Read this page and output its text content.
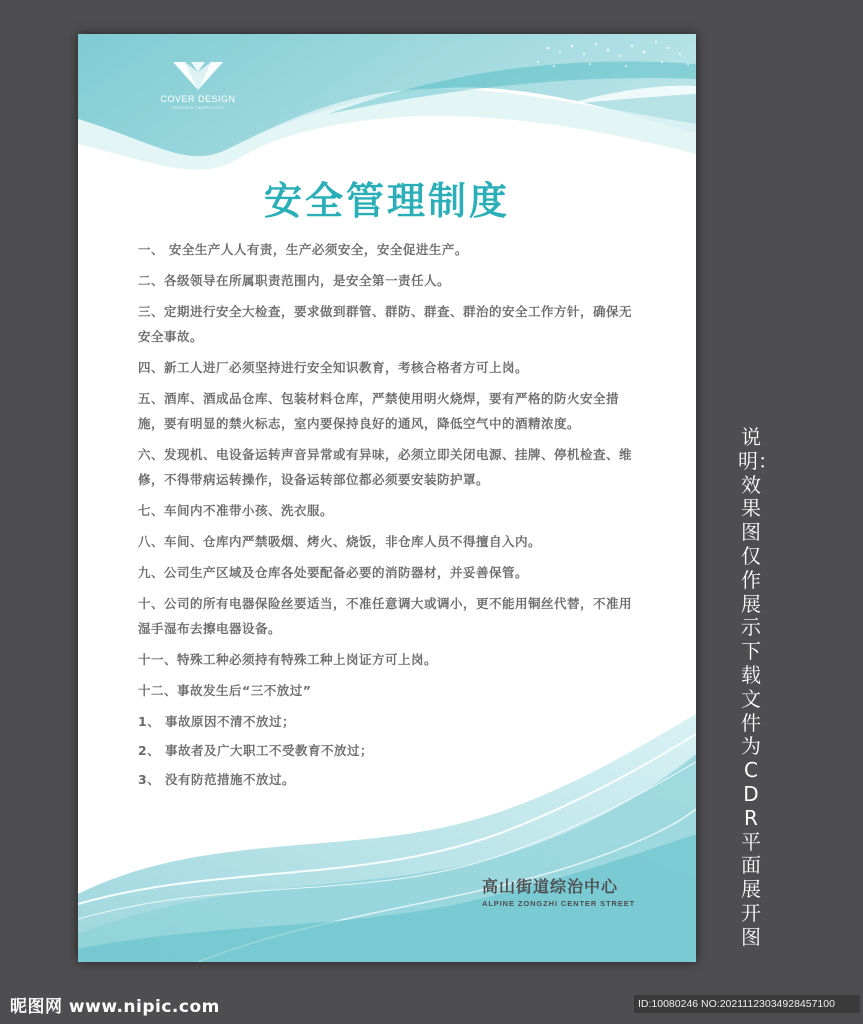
COVER DESIGN
2020NEW TEMPLATES
安全管理制度
一、 安全生产人人有责，生产必须安全，安全促进生产。
二、各级领导在所属职责范围内，是安全第一责任人。
三、定期进行安全大检查，要求做到群管、群防、群查、群治的安全工作方针，确保无安全事故。
四、新工人进厂必须坚持进行安全知识教育，考核合格者方可上岗。
五、酒库、酒成品仓库、包装材料仓库，严禁使用明火烧焊，要有严格的防火安全措施，要有明显的禁火标志，室内要保持良好的通风，降低空气中的酒精浓度。
六、发现机、电设备运转声音异常或有异味，必须立即关闭电源、挂牌、停机检查、维修，不得带病运转操作，设备运转部位都必须要安装防护罩。
七、车间内不准带小孩、洗衣服。
八、车间、仓库内严禁吸烟、烤火、烧饭，非仓库人员不得擅自入内。
九、公司生产区域及仓库各处要配备必要的消防器材，并妥善保管。
十、公司的所有电器保险丝要适当，不准任意调大或调小，更不能用铜丝代替，不准用湿手湿布去擦电器设备。
十一、特殊工种必须持有特殊工种上岗证方可上岗。
十二、事故发生后“三不放过”
1、 事故原因不清不放过；
2、 事故者及广大职工不受教育不放过；
3、 没有防范措施不放过。
高山街道综治中心
ALPINE ZONGZHI CENTER STREET
说明：效果图仅作展示 下载文件为CDR平面展开图
昵图网 www.nipic.com	ID:10080246 NO:20211123034928457100
